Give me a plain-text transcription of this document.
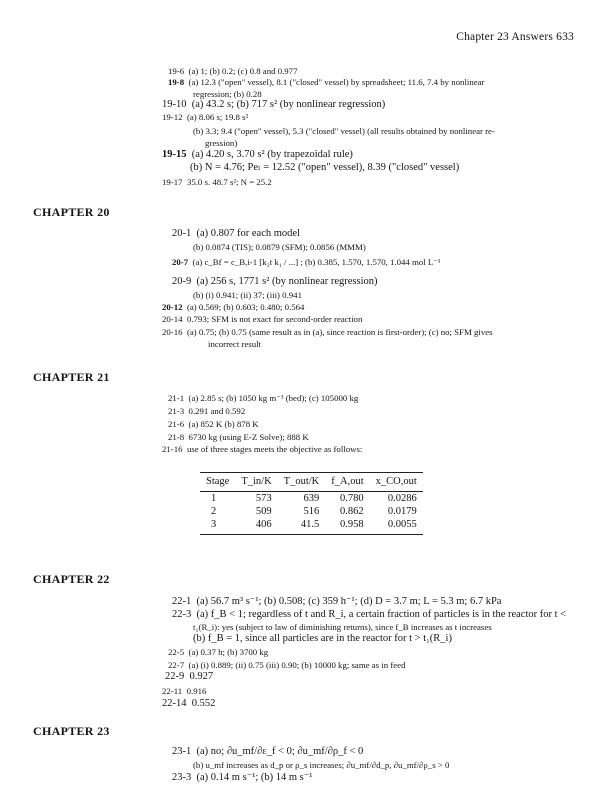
Chapter 23 Answers 633
19-6 (a) 1; (b) 0.2; (c) 0.8 and 0.977
19-8 (a) 12.3 ("open" vessel), 8.1 ("closed" vessel) by spreadsheet; 11.6, 7.4 by nonlinear
regression; (b) 0.28
19-10 (a) 43.2 s; (b) 717 s² (by nonlinear regression)
19-12 (a) 8.06 s; 19.8 s²
(b) 3.3; 9.4 ("open" vessel), 5.3 ("closed" vessel) (all results obtained by nonlinear re-
gression)
19-15 (a) 4.20 s, 3.70 s² (by trapezoidal rule)
(b) N = 4.76; Peₗ = 12.52 ("open" vessel), 8.39 ("closed" vessel)
19-17 35.0 s. 48.7 s²; N = 25.2
CHAPTER 20
20-1 (a) 0.807 for each model
(b) 0.0874 (TIS); 0.0879 (SFM); 0.0856 (MMM)
20-7 (a) c_Bf = c_B,i-1 [k₂t k₁ / ...] ; (b) 0.385, 1.570, 1.570, 1.044 mol L⁻¹
20-9 (a) 256 s, 1771 s² (by nonlinear regression)
(b) (i) 0.941; (ii) 37; (iii) 0.941
20-12 (a) 0.569; (b) 0.603; 0.480; 0.564
20-14 0.793; SFM is not exact for second-order reaction
20-16 (a) 0.75; (b) 0.75 (same result as in (a), since reaction is first-order); (c) no; SFM gives
incorrect result
CHAPTER 21
21-1 (a) 2.85 s; (b) 1050 kg m⁻³ (bed); (c) 105000 kg
21-3 0.291 and 0.592
21-6 (a) 852 K (b) 878 K
21-8 6730 kg (using E-Z Solve); 888 K
21-16 use of three stages meets the objective as follows:
Stage	T_in/K	T_out/K	f_A,out	x_CO,out
1	573	639	0.780	0.0286
2	509	516	0.862	0.0179
3	406	41.5	0.958	0.0055
CHAPTER 22
22-1 (a) 56.7 m³ s⁻¹; (b) 0.508; (c) 359 h⁻¹; (d) D = 3.7 m; L = 5.3 m; 6.7 kPa
22-3 (a) f_B < 1; regardless of t and R_i, a certain fraction of particles is in the reactor for t <
t₁(R_i): yes (subject to law of diminishing returns), since f_B increases as t increases
(b) f_B = 1, since all particles are in the reactor for t > t₁(R_i)
22-5 (a) 0.37 h; (b) 3700 kg
22-7 (a) (i) 0.889; (ii) 0.75 (iii) 0.90; (b) 10000 kg; same as in feed
22-9 0.927
22-11 0.916
22-14 0.552
CHAPTER 23
23-1 (a) no; ∂u_mf/∂ε_f < 0; ∂u_mf/∂ρ_f < 0
(b) u_mf increases as d_p or ρ_s increases; ∂u_mf/∂d_p, ∂u_mf/∂ρ_s > 0
23-3 (a) 0.14 m s⁻¹; (b) 14 m s⁻¹
